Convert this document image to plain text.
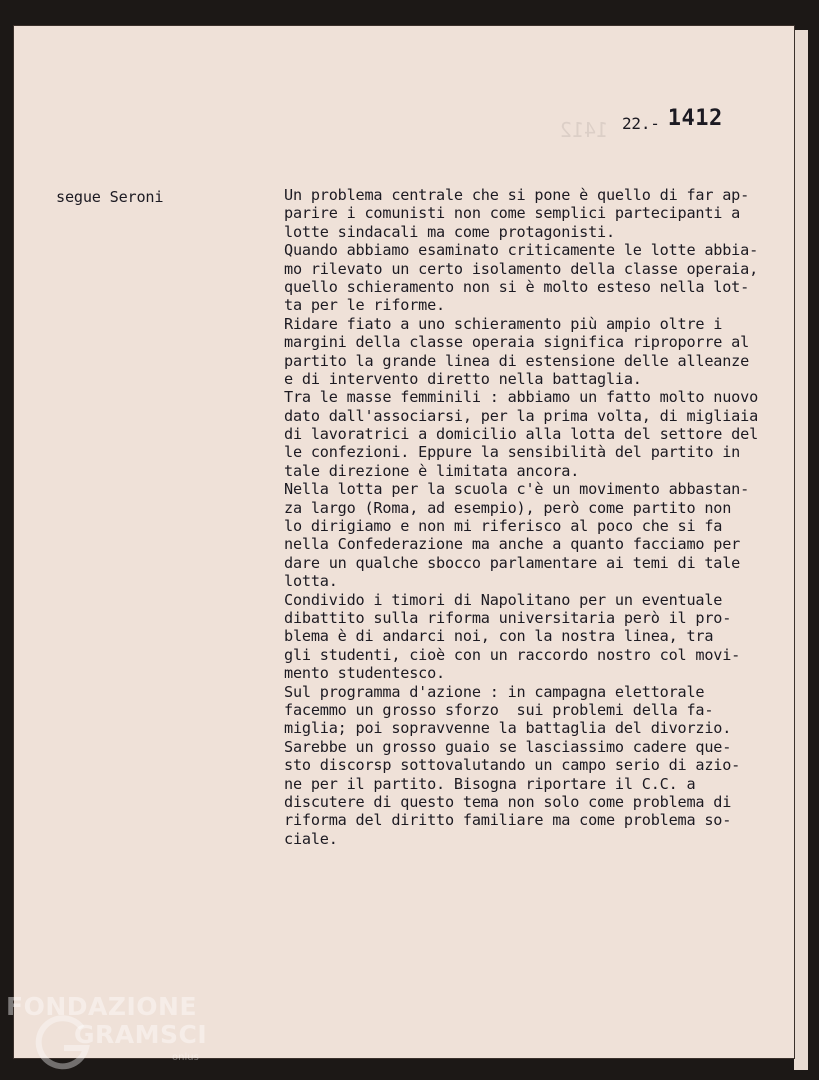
22.- 1412
segue Seroni	Un problema centrale che si pone è quello di far ap-
parire i comunisti non come semplici partecipanti a
lotte sindacali ma come protagonisti.
Quando abbiamo esaminato criticamente le lotte abbia-
mo rilevato un certo isolamento della classe operaia,
quello schieramento non si è molto esteso nella lot-
ta per le riforme.
Ridare fiato a uno schieramento più ampio oltre i
margini della classe operaia significa riproporre al
partito la grande linea di estensione delle alleanze
e di intervento diretto nella battaglia.
Tra le masse femminili : abbiamo un fatto molto nuovo
dato dall'associarsi, per la prima volta, di migliaia
di lavoratrici a domicilio alla lotta del settore del
le confezioni. Eppure la sensibilità del partito in
tale direzione è limitata ancora.
Nella lotta per la scuola c'è un movimento abbastan-
za largo (Roma, ad esempio), però come partito non
lo dirigiamo e non mi riferisco al poco che si fa
nella Confederazione ma anche a quanto facciamo per
dare un qualche sbocco parlamentare ai temi di tale
lotta.
Condivido i timori di Napolitano per un eventuale
dibattito sulla riforma universitaria però il pro-
blema è di andarci noi, con la nostra linea, tra
gli studenti, cioè con un raccordo nostro col movi-
mento studentesco.
Sul programma d'azione : in campagna elettorale
facemmo un grosso sforzo  sui problemi della fa-
miglia; poi sopravvenne la battaglia del divorzio.
Sarebbe un grosso guaio se lasciassimo cadere que-
sto discorsp sottovalutando un campo serio di azio-
ne per il partito. Bisogna riportare il C.C. a
discutere di questo tema non solo come problema di
riforma del diritto familiare ma come problema so-
ciale.
FONDAZIONE
GRAMSCI
onlus
